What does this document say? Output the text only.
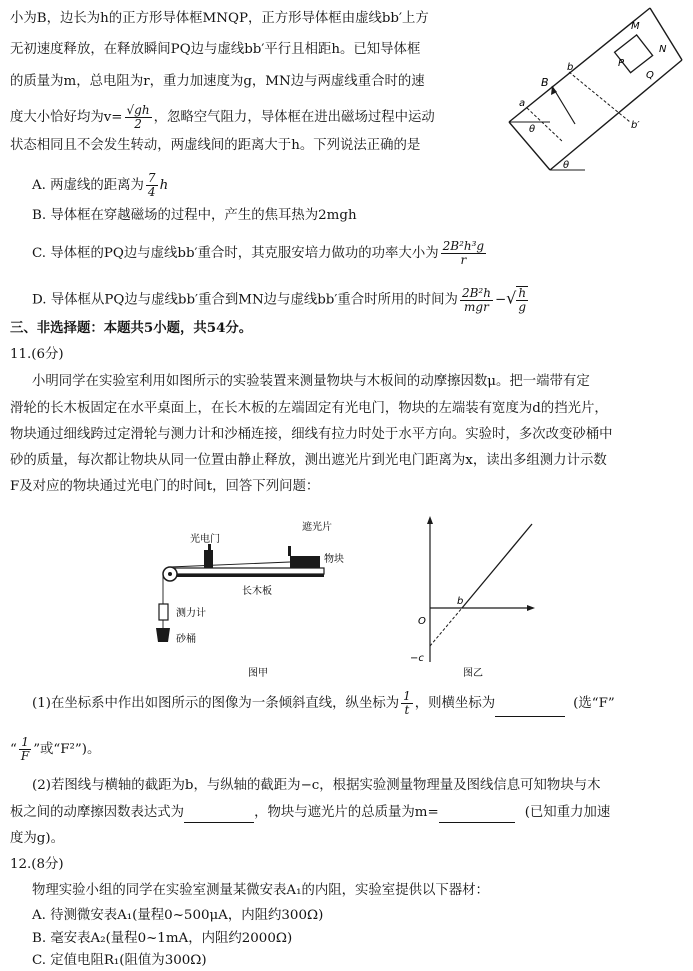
小为B，边长为h的正方形导体框MNQP，正方形导体框由虚线bb′上方
无初速度释放，在释放瞬间PQ边与虚线bb′平行且相距h。已知导体框
的质量为m，总电阻为r，重力加速度为g，MN边与两虚线重合时的速
度大小恰好均为$v= \frac{√gh}{2}$ ，忽略空气阻力，导体框在进出磁场过程中运动
状态相同且不会发生转动，两虚线间的距离大于h。下列说法正确的是
A. 两虚线的距离为 $\frac{7}{4}$ h
B. 导体框在穿越磁场的过程中，产生的焦耳热为2mgh
C. 导体框的PQ边与虚线bb′重合时，其克服安培力做功的功率大小为 $\frac{\text{2B²h³g}}{r}$
D. 导体框从PQ边与虚线bb′重合到MN边与虚线bb′重合时所用的时间为 $\frac{\text{2B²h}}{\text{mgr}}$ −√ $\frac{h}{g}$
P
M
N
Q
B
b
b′
a
θ
θ
三、非选择题：本题共5小题，共54分。
11.(6分)
小明同学在实验室利用如图所示的实验装置来测量物块与木板间的动摩擦因数μ。把一端带有定
滑轮的长木板固定在水平桌面上，在长木板的左端固定有光电门，物块的左端装有宽度为d的挡光片，
物块通过细线跨过定滑轮与测力计和沙桶连接，细线有拉力时处于水平方向。实验时，多次改变砂桶中
砂的质量，每次都让物块从同一位置由静止释放，测出遮光片到光电门距离为x，读出多组测力计示数
F及对应的物块通过光电门的时间t，回答下列问题：
光电门
遮光片
物块
长木板
测力计
砂桶
图甲
O
b
−c
图乙
(1)在坐标系中作出如图所示的图像为一条倾斜直线，纵坐标为 $\frac{1}{t}$ ，则横坐标为	(选“F”
“ $\frac{1}{F}$ ”或“F²”)。
(2)若图线与横轴的截距为b，与纵轴的截距为−c，根据实验测量物理量及图线信息可知物块与木
板之间的动摩擦因数表达式为	，物块与遮光片的总质量为m=	(已知重力加速
度为g)。
12.(8分)
物理实验小组的同学在实验室测量某微安表A₁的内阻，实验室提供以下器材：
A. 待测微安表A₁(量程0~500μA，内阻约300Ω)
B. 毫安表A₂(量程0~1mA，内阻约2000Ω)
C. 定值电阻R₁(阻值为300Ω)
